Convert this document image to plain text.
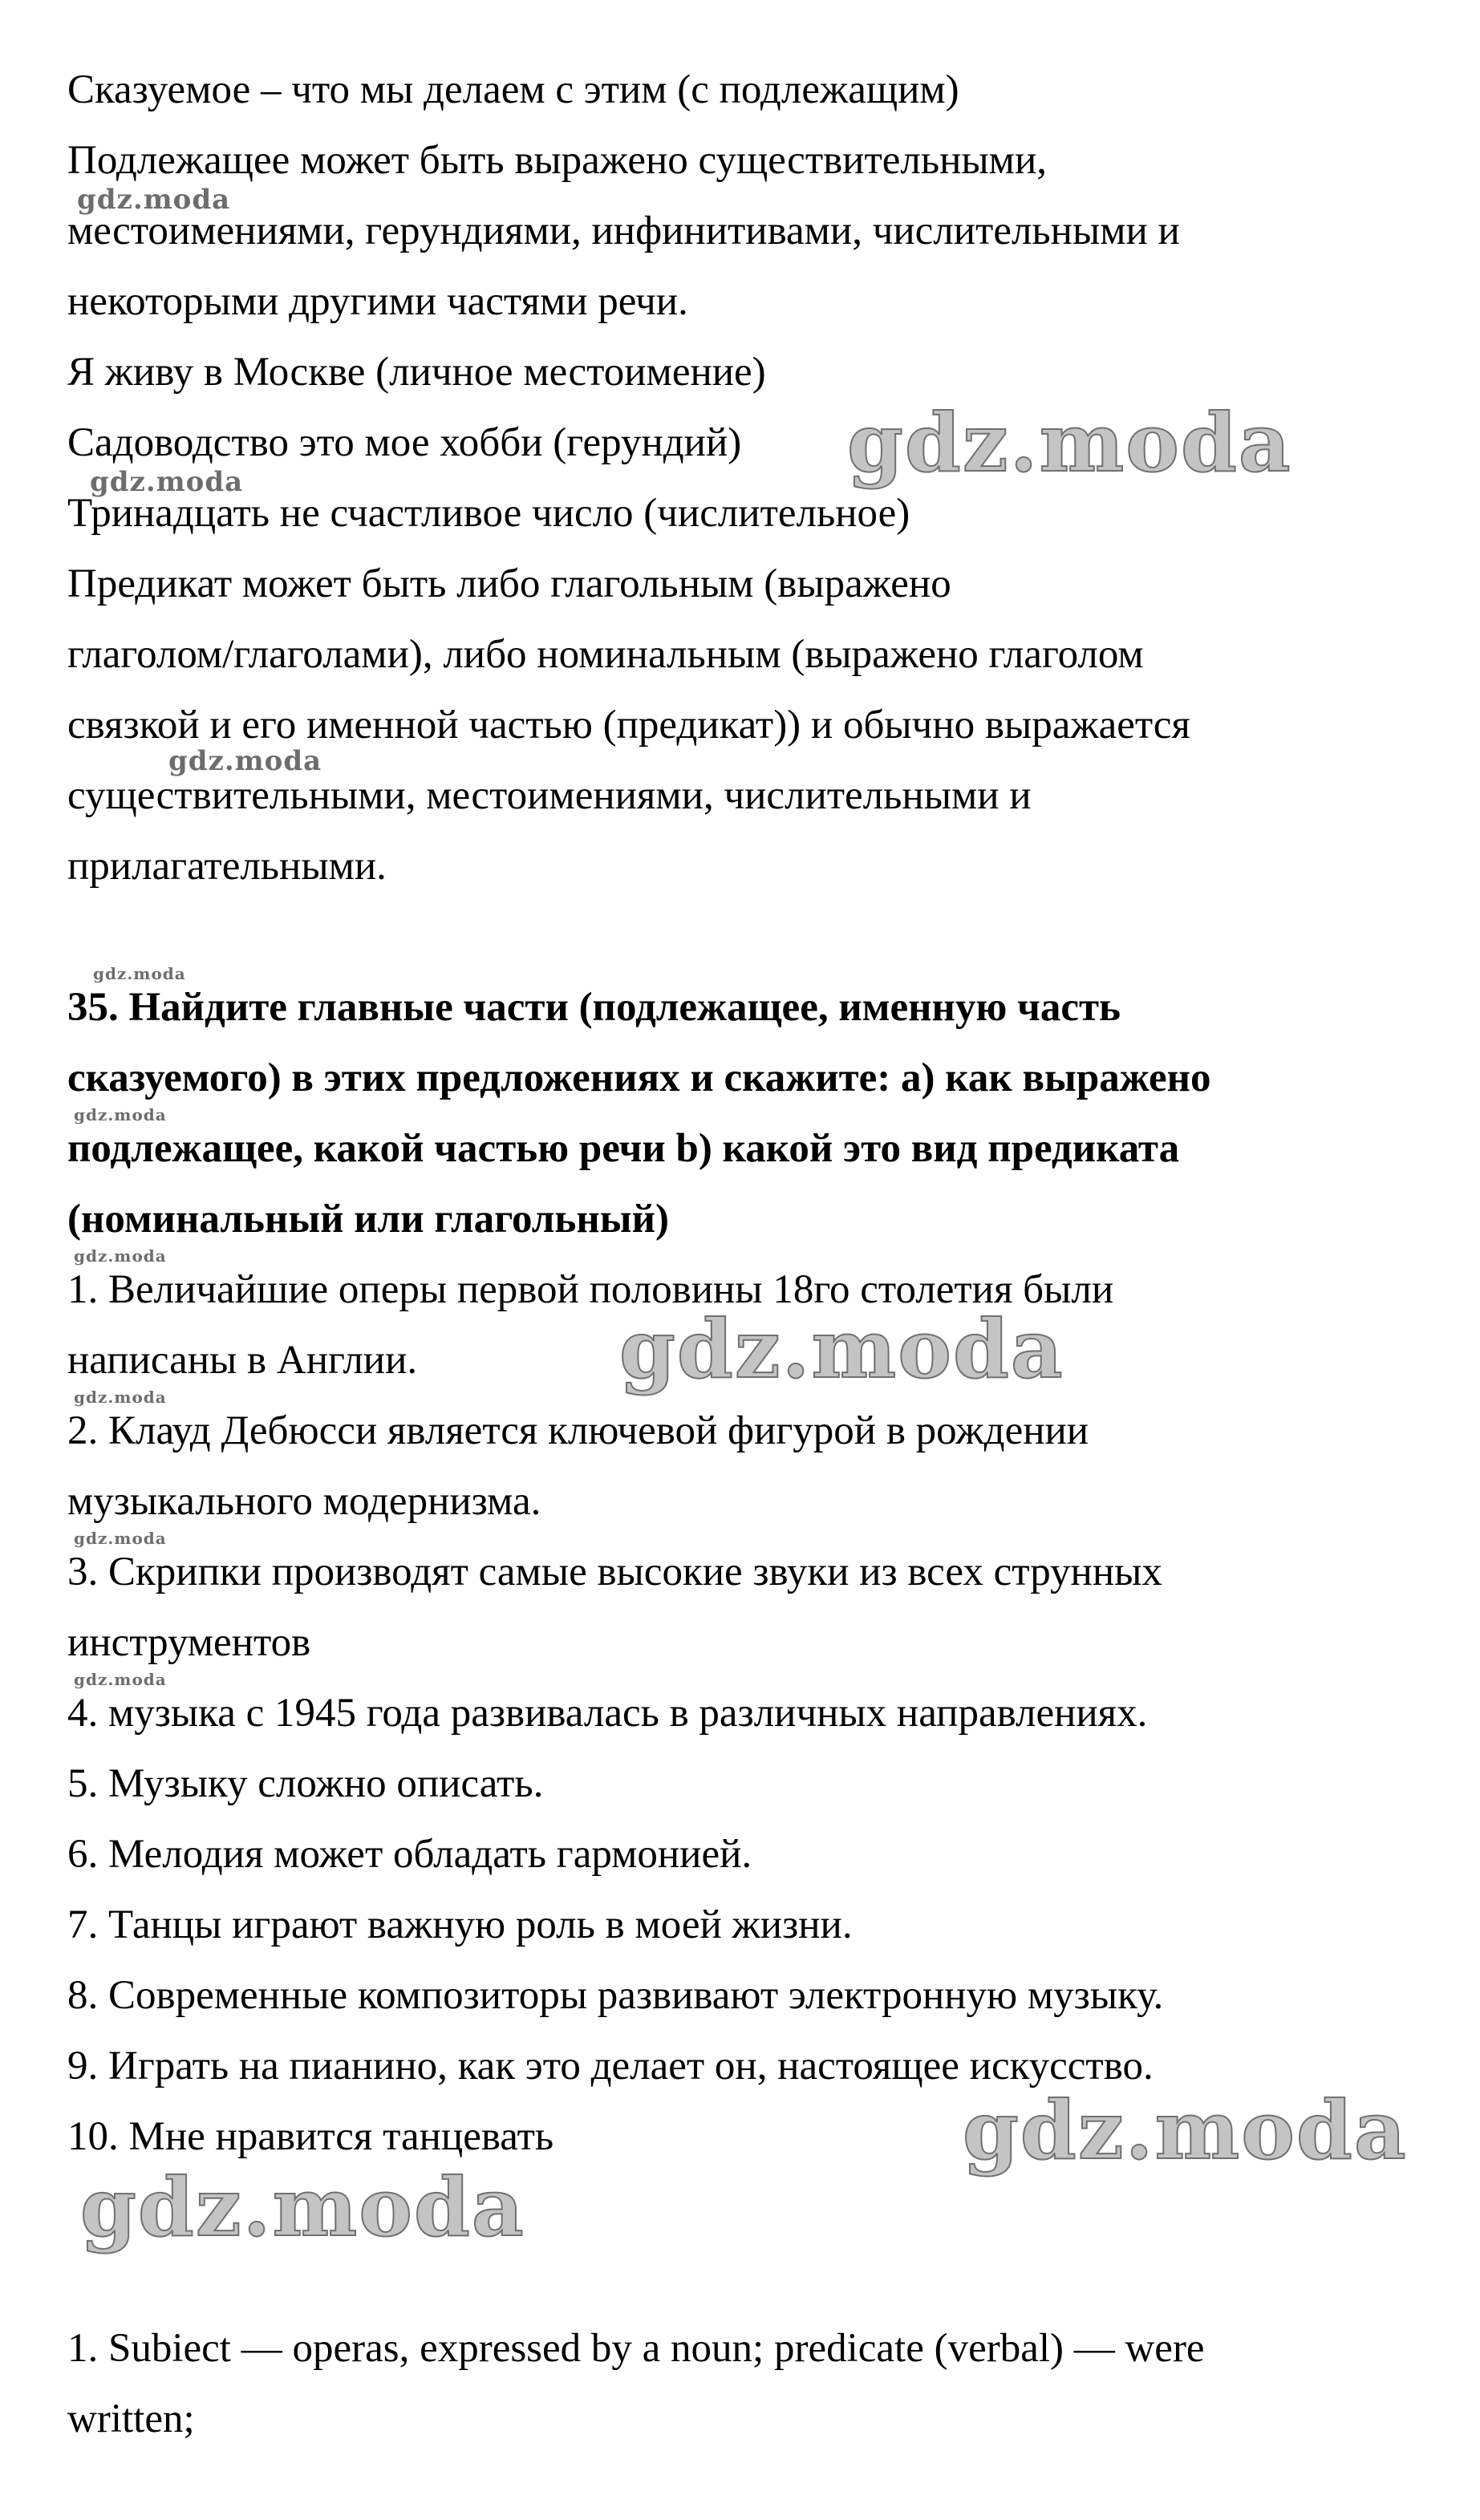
Сказуемое – что мы делаем с этим (с подлежащим)

Подлежащее может быть выражено существительными,

местоимениями, герундиями, инфинитивами, числительными и

некоторыми другими частями речи.

Я живу в Москве (личное местоимение)

Садоводство это мое хобби (герундий)

Тринадцать не счастливое число (числительное)

Предикат может быть либо глагольным (выражено

глаголом/глаголами), либо номинальным (выражено глаголом

связкой и его именной частью (предикат)) и обычно выражается

существительными, местоимениями, числительными и

прилагательными.

35. Найдите главные части (подлежащее, именную часть

сказуемого) в этих предложениях и скажите: а) как выражено

подлежащее, какой частью речи b) какой это вид предиката

(номинальный или глагольный)

1. Величайшие оперы первой половины 18го столетия были

написаны в Англии.

2. Клауд Дебюсси является ключевой фигурой в рождении

музыкального модернизма.

3. Скрипки производят самые высокие звуки из всех струнных

инструментов

4. музыка с 1945 года развивалась в различных направлениях.

5. Музыку сложно описать.

6. Мелодия может обладать гармонией.

7. Танцы играют важную роль в моей жизни.

8. Современные композиторы развивают электронную музыку.

9. Играть на пианино, как это делает он, настоящее искусство.

10. Мне нравится танцевать

1. Subiect — operas, expressed by a noun; predicate (verbal) — were

written;

gdz.moda
gdz.moda
gdz.moda
gdz.moda
gdz.moda
gdz.moda
gdz.moda
gdz.moda
gdz.moda
gdz.moda
gdz.moda
gdz.moda
gdz.moda
